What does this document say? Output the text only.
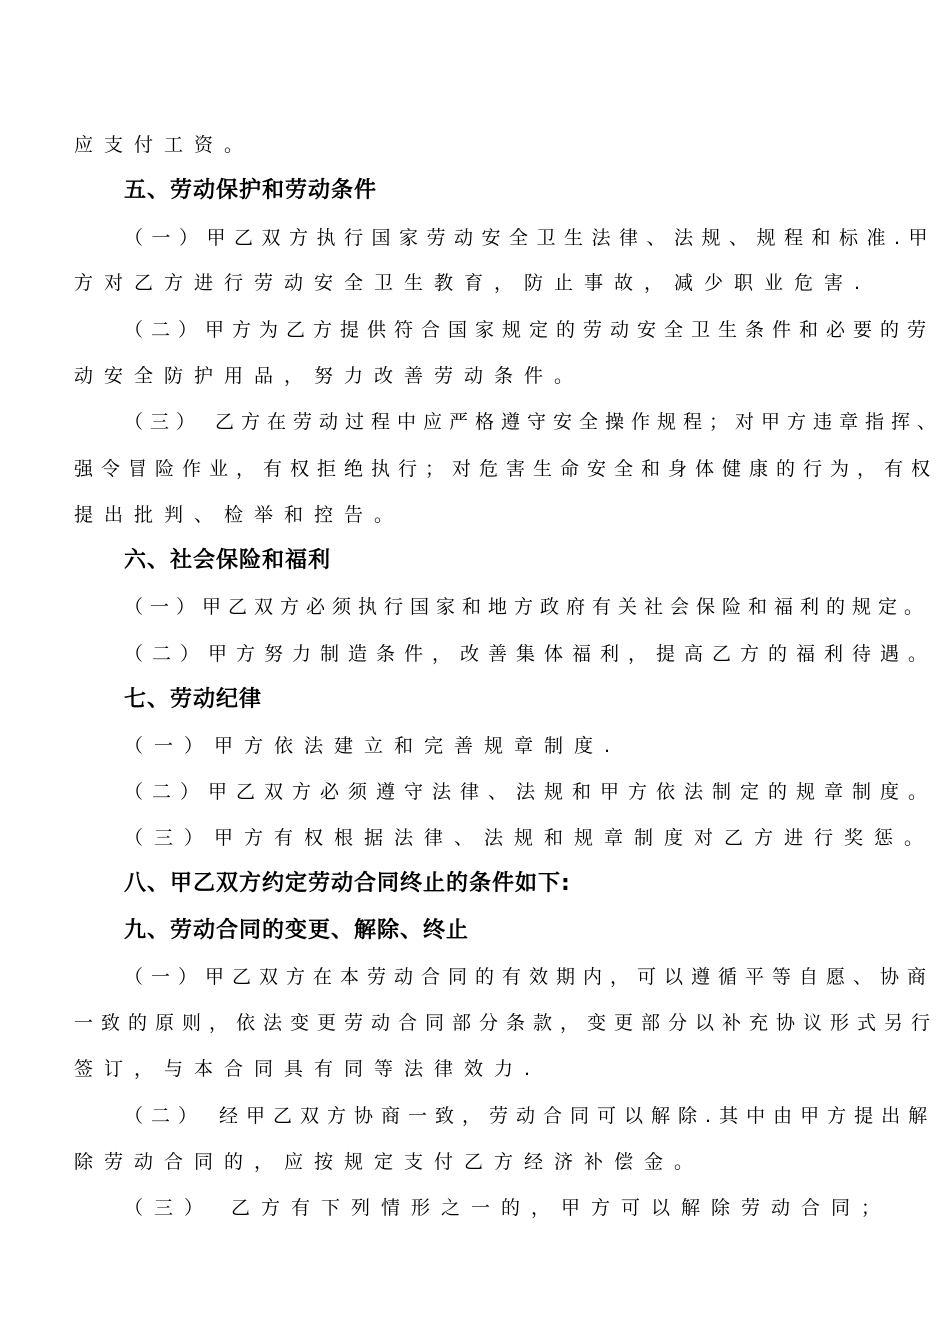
应支付工资。
五、劳动保护和劳动条件
（一）甲乙双方执行国家劳动安全卫生法律、法规、规程和标准.甲
方对乙方进行劳动安全卫生教育，防止事故，减少职业危害.
（二）甲方为乙方提供符合国家规定的劳动安全卫生条件和必要的劳
动安全防护用品，努力改善劳动条件。
（三） 乙方在劳动过程中应严格遵守安全操作规程；对甲方违章指挥、
强令冒险作业，有权拒绝执行；对危害生命安全和身体健康的行为，有权
提出批判、检举和控告。
六、社会保险和福利
（一）甲乙双方必须执行国家和地方政府有关社会保险和福利的规定。
（二）甲方努力制造条件，改善集体福利，提高乙方的福利待遇。
七、劳动纪律
（一）甲方依法建立和完善规章制度.
（二）甲乙双方必须遵守法律、法规和甲方依法制定的规章制度。
（三）甲方有权根据法律、法规和规章制度对乙方进行奖惩。
八、甲乙双方约定劳动合同终止的条件如下:
九、劳动合同的变更、解除、终止
（一）甲乙双方在本劳动合同的有效期内，可以遵循平等自愿、协商
一致的原则，依法变更劳动合同部分条款，变更部分以补充协议形式另行
签订，与本合同具有同等法律效力.
（二） 经甲乙双方协商一致，劳动合同可以解除.其中由甲方提出解
除劳动合同的，应按规定支付乙方经济补偿金。
（三） 乙方有下列情形之一的，甲方可以解除劳动合同；
